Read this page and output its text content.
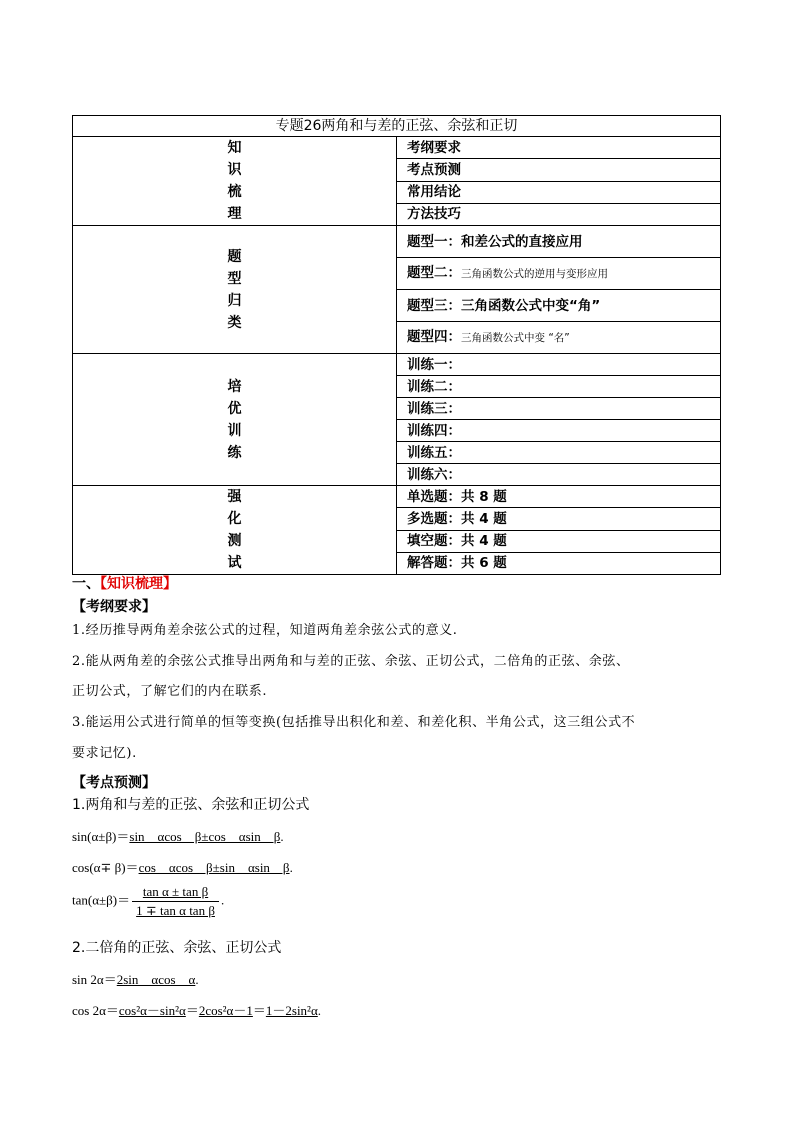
专题26两角和与差的正弦、余弦和正切	

知
识
梳
理	考纲要求
	考点预测
	常用结论
	方法技巧

题
型
归
类	题型一：和差公式的直接应用
	题型二：三角函数公式的逆用与变形应用
	题型三：三角函数公式中变“角”
	题型四：三角函数公式中变 “名”

培
优
训
练	训练一：
	训练二：
	训练三：
	训练四：
	训练五：
	训练六：

强
化
测
试	单选题：共 8 题
	多选题：共 4 题
	填空题：共 4 题
	解答题：共 6 题
一、【知识梳理】
【考纲要求】
1.经历推导两角差余弦公式的过程，知道两角差余弦公式的意义.
2.能从两角差的余弦公式推导出两角和与差的正弦、余弦、正切公式，二倍角的正弦、余弦、
正切公式，了解它们的内在联系.
3.能运用公式进行简单的恒等变换(包括推导出积化和差、和差化积、半角公式，这三组公式不
要求记忆).
【考点预测】
1.两角和与差的正弦、余弦和正切公式
sin(α±β)＝sin　αcos　β±cos　αsin　β.
cos(α∓ β)＝cos　αcos　β±sin　αsin　β.
$\tan(\alpha\pm\beta)= \frac{\text{tan α ± tan β}}{\text{1 ∓ tan α tan β}}$ .
2.二倍角的正弦、余弦、正切公式
sin 2α＝2sin　αcos　α.
cos 2α＝cos²α－sin²α＝2cos²α－1＝1－2sin²α.
